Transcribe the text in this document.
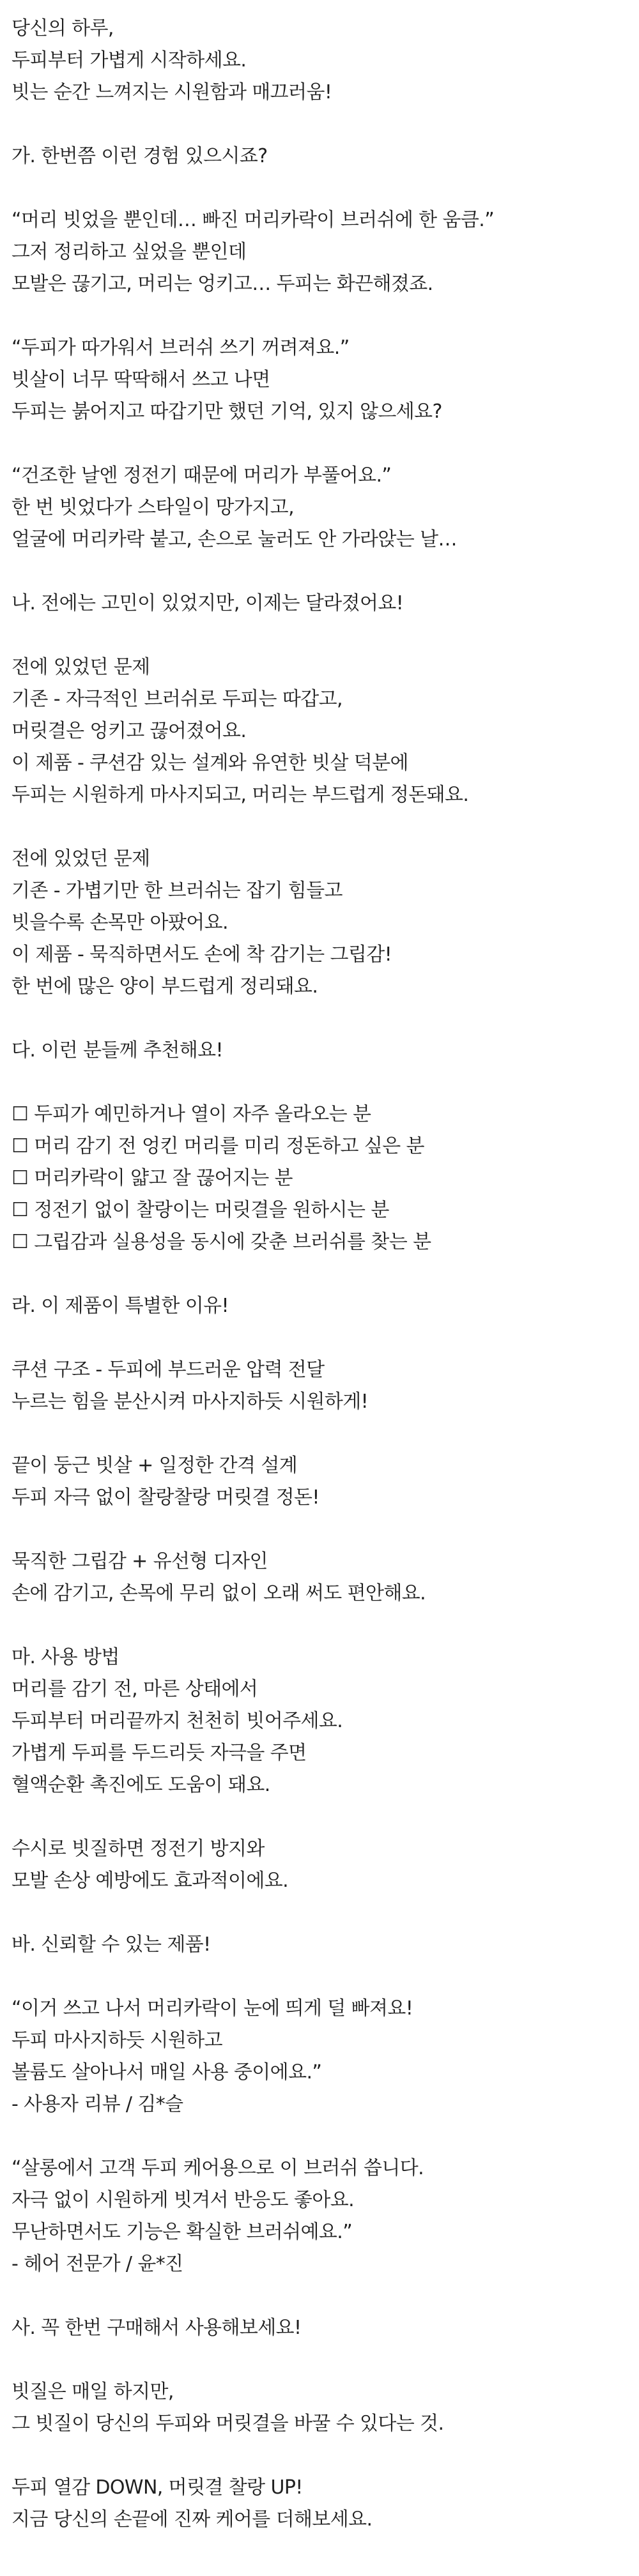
당신의 하루,
두피부터 가볍게 시작하세요.
빗는 순간 느껴지는 시원함과 매끄러움!
가. 한번쯤 이런 경험 있으시죠?
“머리 빗었을 뿐인데… 빠진 머리카락이 브러쉬에 한 움큼.”
그저 정리하고 싶었을 뿐인데
모발은 끊기고, 머리는 엉키고… 두피는 화끈해졌죠.
“두피가 따가워서 브러쉬 쓰기 꺼려져요.”
빗살이 너무 딱딱해서 쓰고 나면
두피는 붉어지고 따갑기만 했던 기억, 있지 않으세요?
“건조한 날엔 정전기 때문에 머리가 부풀어요.”
한 번 빗었다가 스타일이 망가지고,
얼굴에 머리카락 붙고, 손으로 눌러도 안 가라앉는 날…
나. 전에는 고민이 있었지만, 이제는 달라졌어요!
전에 있었던 문제
기존 - 자극적인 브러쉬로 두피는 따갑고,
머릿결은 엉키고 끊어졌어요.
이 제품 - 쿠션감 있는 설계와 유연한 빗살 덕분에
두피는 시원하게 마사지되고, 머리는 부드럽게 정돈돼요.
전에 있었던 문제
기존 - 가볍기만 한 브러쉬는 잡기 힘들고
빗을수록 손목만 아팠어요.
이 제품 - 묵직하면서도 손에 착 감기는 그립감!
한 번에 많은 양이 부드럽게 정리돼요.
다. 이런 분들께 추천해요!
☐ 두피가 예민하거나 열이 자주 올라오는 분
☐ 머리 감기 전 엉킨 머리를 미리 정돈하고 싶은 분
☐ 머리카락이 얇고 잘 끊어지는 분
☐ 정전기 없이 찰랑이는 머릿결을 원하시는 분
☐ 그립감과 실용성을 동시에 갖춘 브러쉬를 찾는 분
라. 이 제품이 특별한 이유!
쿠션 구조 - 두피에 부드러운 압력 전달
누르는 힘을 분산시켜 마사지하듯 시원하게!
끝이 둥근 빗살 + 일정한 간격 설계
두피 자극 없이 찰랑찰랑 머릿결 정돈!
묵직한 그립감 + 유선형 디자인
손에 감기고, 손목에 무리 없이 오래 써도 편안해요.
마. 사용 방법
머리를 감기 전, 마른 상태에서
두피부터 머리끝까지 천천히 빗어주세요.
가볍게 두피를 두드리듯 자극을 주면
혈액순환 촉진에도 도움이 돼요.
수시로 빗질하면 정전기 방지와
모발 손상 예방에도 효과적이에요.
바. 신뢰할 수 있는 제품!
“이거 쓰고 나서 머리카락이 눈에 띄게 덜 빠져요!
두피 마사지하듯 시원하고
볼륨도 살아나서 매일 사용 중이에요.”
- 사용자 리뷰 / 김*슬
“살롱에서 고객 두피 케어용으로 이 브러쉬 씁니다.
자극 없이 시원하게 빗겨서 반응도 좋아요.
무난하면서도 기능은 확실한 브러쉬예요.”
- 헤어 전문가 / 윤*진
사. 꼭 한번 구매해서 사용해보세요!
빗질은 매일 하지만,
그 빗질이 당신의 두피와 머릿결을 바꿀 수 있다는 것.
두피 열감 DOWN, 머릿결 찰랑 UP!
지금 당신의 손끝에 진짜 케어를 더해보세요.
